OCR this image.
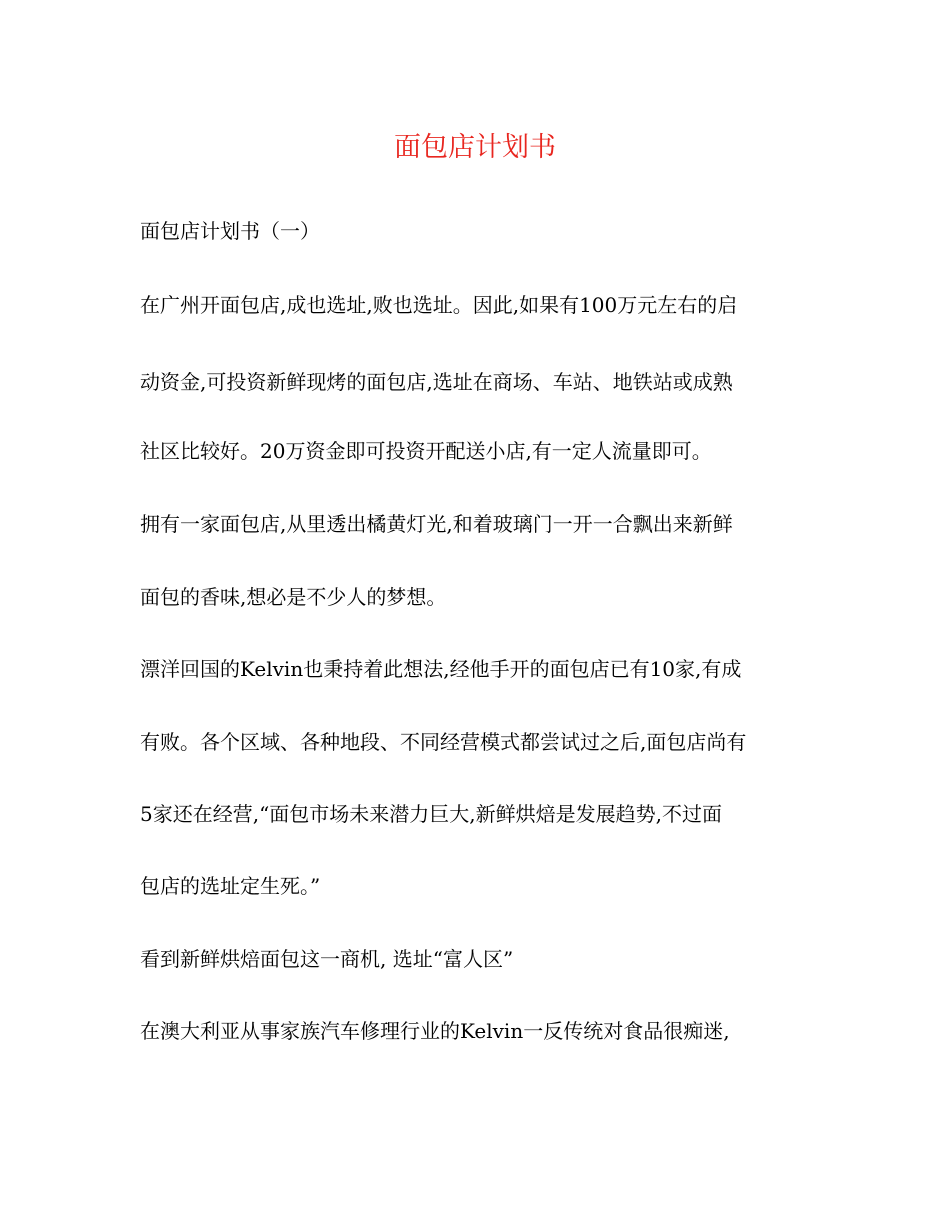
面包店计划书
面包店计划书（一）
在广州开面包店,成也选址,败也选址。因此,如果有100万元左右的启
动资金,可投资新鲜现烤的面包店,选址在商场、车站、地铁站或成熟
社区比较好。20万资金即可投资开配送小店,有一定人流量即可。
拥有一家面包店,从里透出橘黄灯光,和着玻璃门一开一合飘出来新鲜
面包的香味,想必是不少人的梦想。
漂洋回国的Kelvin也秉持着此想法,经他手开的面包店已有10家,有成
有败。各个区域、各种地段、不同经营模式都尝试过之后,面包店尚有
5家还在经营,“面包市场未来潜力巨大,新鲜烘焙是发展趋势,不过面
包店的选址定生死。”
看到新鲜烘焙面包这一商机, 选址“富人区”
在澳大利亚从事家族汽车修理行业的Kelvin一反传统对食品很痴迷,
